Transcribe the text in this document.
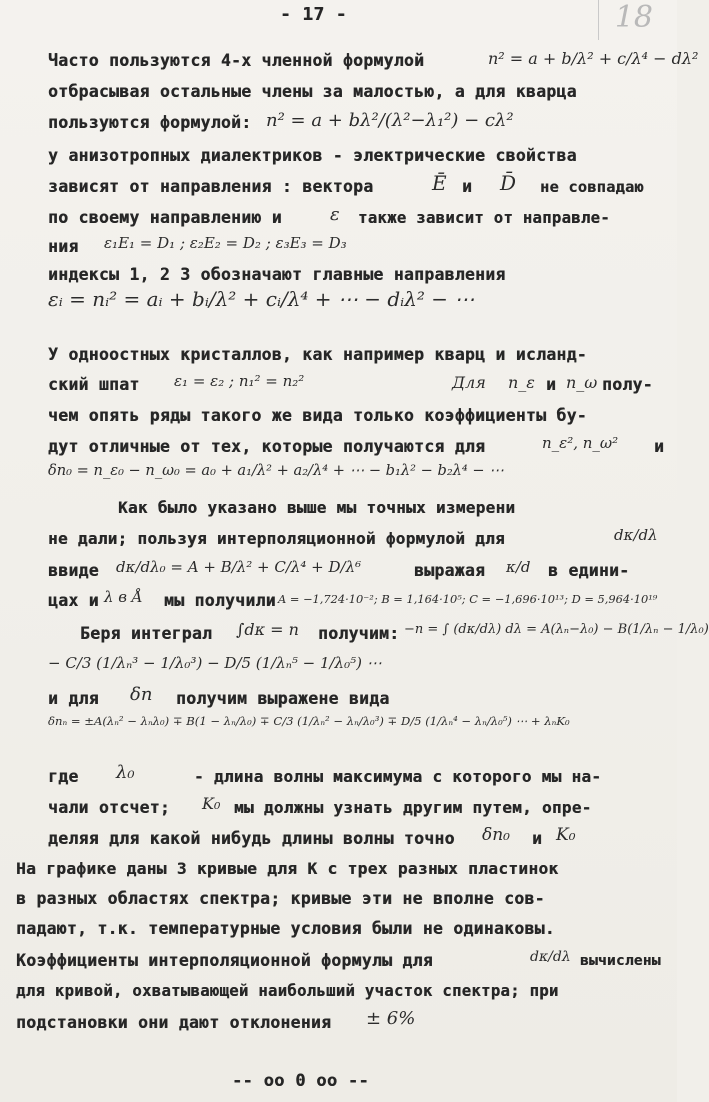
- 17 -	18
Часто пользуются 4-х членной формулой	n² = a + b/λ² + c/λ⁴ − dλ²
отбрасывая остальные члены за малостью, а для кварца
пользуются формулой: n² = a + bλ²/(λ²−λ₁²) − cλ²
у анизотропных диалектриков - электрические свойства
зависят от направления : вектора	Ē и D̄ не совпадаю
по своему направлению и	ε также зависит от направле-
ния ε₁E₁ = D₁ ; ε₂E₂ = D₂ ; ε₃E₃ = D₃
индексы 1, 2 3 обозначают главные направления
εᵢ = nᵢ² = aᵢ + bᵢ/λ² + cᵢ/λ⁴ + ⋯ − dᵢλ² − ⋯
У одноостных кристаллов, как например кварц и исланд-
ский шпат ε₁ = ε₂ ; n₁² = n₂²	Для n_ε и n_ω полу-
чем опять ряды такого же вида только коэффициенты бу-
дут отличные от тех, которые получаются для	n_ε², n_ω² и
δn₀ = n_ε₀ − n_ω₀ = a₀ + a₁/λ² + a₂/λ⁴ + ⋯ − b₁λ² − b₂λ⁴ − ⋯
Как было указано выше мы точных измерени
не дали; пользуя интерполяционной формулой для	dκ/dλ
ввиде dκ/dλ₀ = A + B/λ² + C/λ⁴ + D/λ⁶	выражая κ/d в едини-
цах и λ в Å мы получили A = −1,724·10⁻²; B = 1,164·10⁵; C = −1,696·10¹³; D = 5,964·10¹⁹
Беря интеграл ∫dκ = n получим: −n = ∫ (dκ/dλ) dλ = A(λₙ−λ₀) − B(1/λₙ − 1/λ₀)
− C/3 (1/λₙ³ − 1/λ₀³) − D/5 (1/λₙ⁵ − 1/λ₀⁵) ⋯
и для δn получим выражене вида
δnₙ = ±A(λₙ² − λₙλ₀) ∓ B(1 − λₙ/λ₀) ∓ C/3 (1/λₙ² − λₙ/λ₀³) ∓ D/5 (1/λₙ⁴ − λₙ/λ₀⁵) ⋯ + λₙK₀
где λ₀	- длина волны максимума с которого мы на-
чали отсчет; K₀ мы должны узнать другим путем, опре-
деляя для какой нибудь длины волны точно δn₀ и K₀
На графике даны 3 кривые для К с трех разных пластинок
в разных областях спектра; кривые эти не вполне сов-
падают, т.к. температурные условия были не одинаковы.
Коэффициенты интерполяционной формулы для	dκ/dλ вычислены
для кривой, охватывающей наибольший участок спектра; при
подстановки они дают отклонения ± 6%
-- оо 0 оо --
